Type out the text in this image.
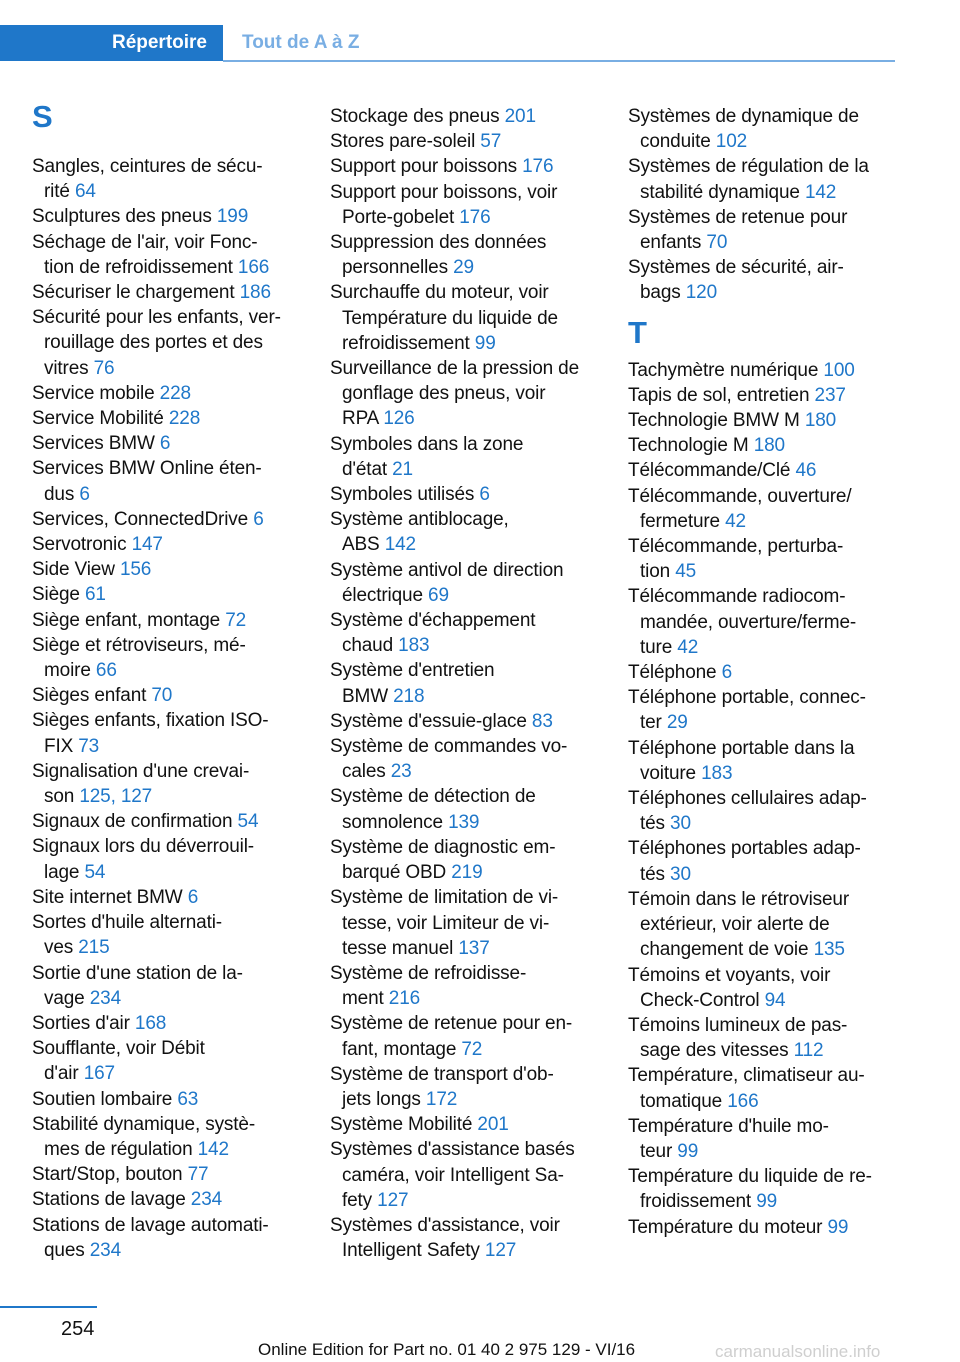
Répertoire	Tout de A à Z
S
Sangles, ceintures de sécu‐
rité 64
Sculptures des pneus 199
Séchage de l'air, voir Fonc‐
tion de refroidissement 166
Sécuriser le chargement 186
Sécurité pour les enfants, ver‐
rouillage des portes et des
vitres 76
Service mobile 228
Service Mobilité 228
Services BMW 6
Services BMW Online éten‐
dus 6
Services, ConnectedDrive 6
Servotronic 147
Side View 156
Siège 61
Siège enfant, montage 72
Siège et rétroviseurs, mé‐
moire 66
Sièges enfant 70
Sièges enfants, fixation ISO‐
FIX 73
Signalisation d'une crevai‐
son 125, 127
Signaux de confirmation 54
Signaux lors du déverrouil‐
lage 54
Site internet BMW 6
Sortes d'huile alternati‐
ves 215
Sortie d'une station de la‐
vage 234
Sorties d'air 168
Soufflante, voir Débit
d'air 167
Soutien lombaire 63
Stabilité dynamique, systè‐
mes de régulation 142
Start/Stop, bouton 77
Stations de lavage 234
Stations de lavage automati‐
ques 234
Stockage des pneus 201
Stores pare-soleil 57
Support pour boissons 176
Support pour boissons, voir
Porte-gobelet 176
Suppression des données
personnelles 29
Surchauffe du moteur, voir
Température du liquide de
refroidissement 99
Surveillance de la pression de
gonflage des pneus, voir
RPA 126
Symboles dans la zone
d'état 21
Symboles utilisés 6
Système antiblocage,
ABS 142
Système antivol de direction
électrique 69
Système d'échappement
chaud 183
Système d'entretien
BMW 218
Système d'essuie-glace 83
Système de commandes vo‐
cales 23
Système de détection de
somnolence 139
Système de diagnostic em‐
barqué OBD 219
Système de limitation de vi‐
tesse, voir Limiteur de vi‐
tesse manuel 137
Système de refroidisse‐
ment 216
Système de retenue pour en‐
fant, montage 72
Système de transport d'ob‐
jets longs 172
Système Mobilité 201
Systèmes d'assistance basés
caméra, voir Intelligent Sa‐
fety 127
Systèmes d'assistance, voir
Intelligent Safety 127
Systèmes de dynamique de
conduite 102
Systèmes de régulation de la
stabilité dynamique 142
Systèmes de retenue pour
enfants 70
Systèmes de sécurité, air‐
bags 120
T
Tachymètre numérique 100
Tapis de sol, entretien 237
Technologie BMW M 180
Technologie M 180
Télécommande/Clé 46
Télécommande, ouverture/
fermeture 42
Télécommande, perturba‐
tion 45
Télécommande radiocom‐
mandée, ouverture/ferme‐
ture 42
Téléphone 6
Téléphone portable, connec‐
ter 29
Téléphone portable dans la
voiture 183
Téléphones cellulaires adap‐
tés 30
Téléphones portables adap‐
tés 30
Témoin dans le rétroviseur
extérieur, voir alerte de
changement de voie 135
Témoins et voyants, voir
Check-Control 94
Témoins lumineux de pas‐
sage des vitesses 112
Température, climatiseur au‐
tomatique 166
Température d'huile mo‐
teur 99
Température du liquide de re‐
froidissement 99
Température du moteur 99
254
Online Edition for Part no. 01 40 2 975 129 - VI/16	carmanualsonline.info
